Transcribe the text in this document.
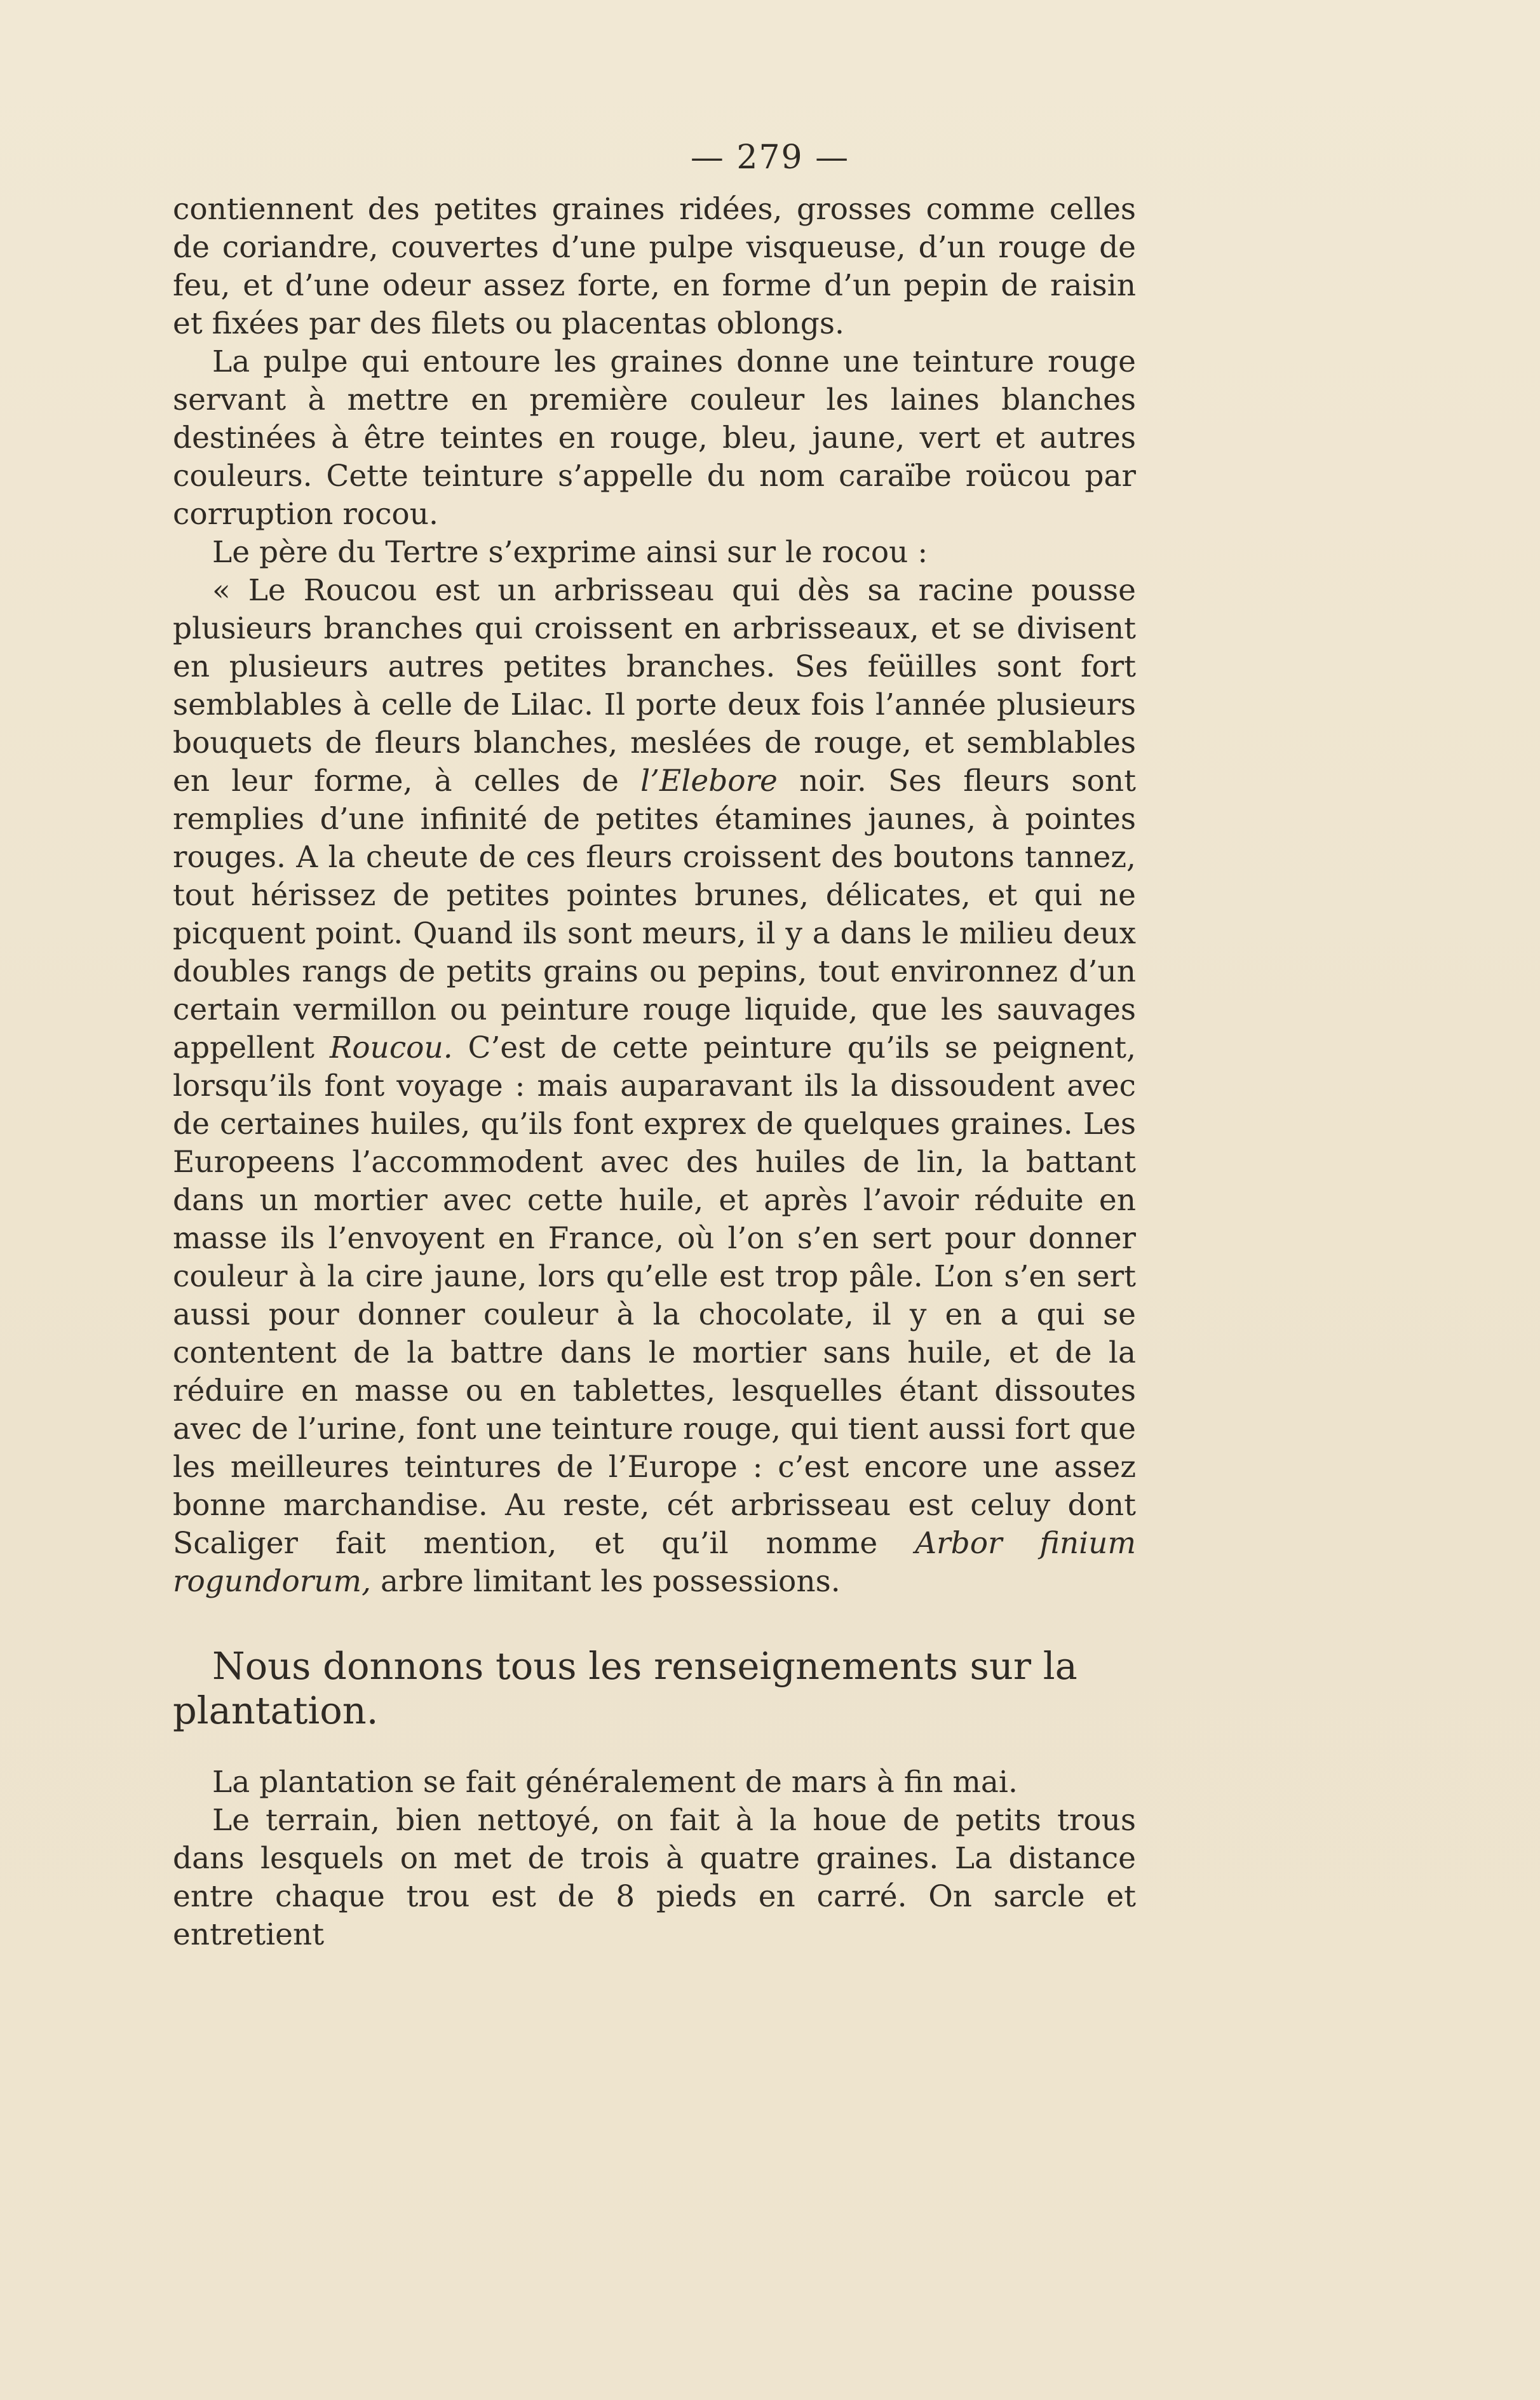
— 279 —

contiennent des petites graines ridées, grosses comme celles de coriandre, couvertes d’une pulpe visqueuse, d’un rouge de feu, et d’une odeur assez forte, en forme d’un pepin de raisin et fixées par des filets ou placentas oblongs.

La pulpe qui entoure les graines donne une teinture rouge servant à mettre en première couleur les laines blanches destinées à être teintes en rouge, bleu, jaune, vert et autres couleurs. Cette teinture s’appelle du nom caraïbe roücou par corruption rocou.

Le père du Tertre s’exprime ainsi sur le rocou :

« Le Roucou est un arbrisseau qui dès sa racine pousse plusieurs branches qui croissent en arbrisseaux, et se divisent en plusieurs autres petites branches. Ses feüilles sont fort semblables à celle de Lilac. Il porte deux fois l’année plusieurs bouquets de fleurs blanches, meslées de rouge, et semblables en leur forme, à celles de l’Elebore noir. Ses fleurs sont remplies d’une infinité de petites étamines jaunes, à pointes rouges. A la cheute de ces fleurs croissent des boutons tannez, tout hérissez de petites pointes brunes, délicates, et qui ne picquent point. Quand ils sont meurs, il y a dans le milieu deux doubles rangs de petits grains ou pepins, tout environnez d’un certain vermillon ou peinture rouge liquide, que les sauvages appellent Roucou. C’est de cette peinture qu’ils se peignent, lorsqu’ils font voyage : mais auparavant ils la dissoudent avec de certaines huiles, qu’ils font exprex de quelques graines. Les Europeens l’accommodent avec des huiles de lin, la battant dans un mortier avec cette huile, et après l’avoir réduite en masse ils l’envoyent en France, où l’on s’en sert pour donner couleur à la cire jaune, lors qu’elle est trop pâle. L’on s’en sert aussi pour donner couleur à la chocolate, il y en a qui se contentent de la battre dans le mortier sans huile, et de la réduire en masse ou en tablettes, lesquelles étant dissoutes avec de l’urine, font une teinture rouge, qui tient aussi fort que les meilleures teintures de l’Europe : c’est encore une assez bonne marchandise. Au reste, cét arbrisseau est celuy dont Scaliger fait mention, et qu’il nomme Arbor finium rogundorum, arbre limitant les possessions.

Nous donnons tous les renseignements sur la plantation.

La plantation se fait généralement de mars à fin mai.

Le terrain, bien nettoyé, on fait à la houe de petits trous dans lesquels on met de trois à quatre graines. La distance entre chaque trou est de 8 pieds en carré. On sarcle et entretient
